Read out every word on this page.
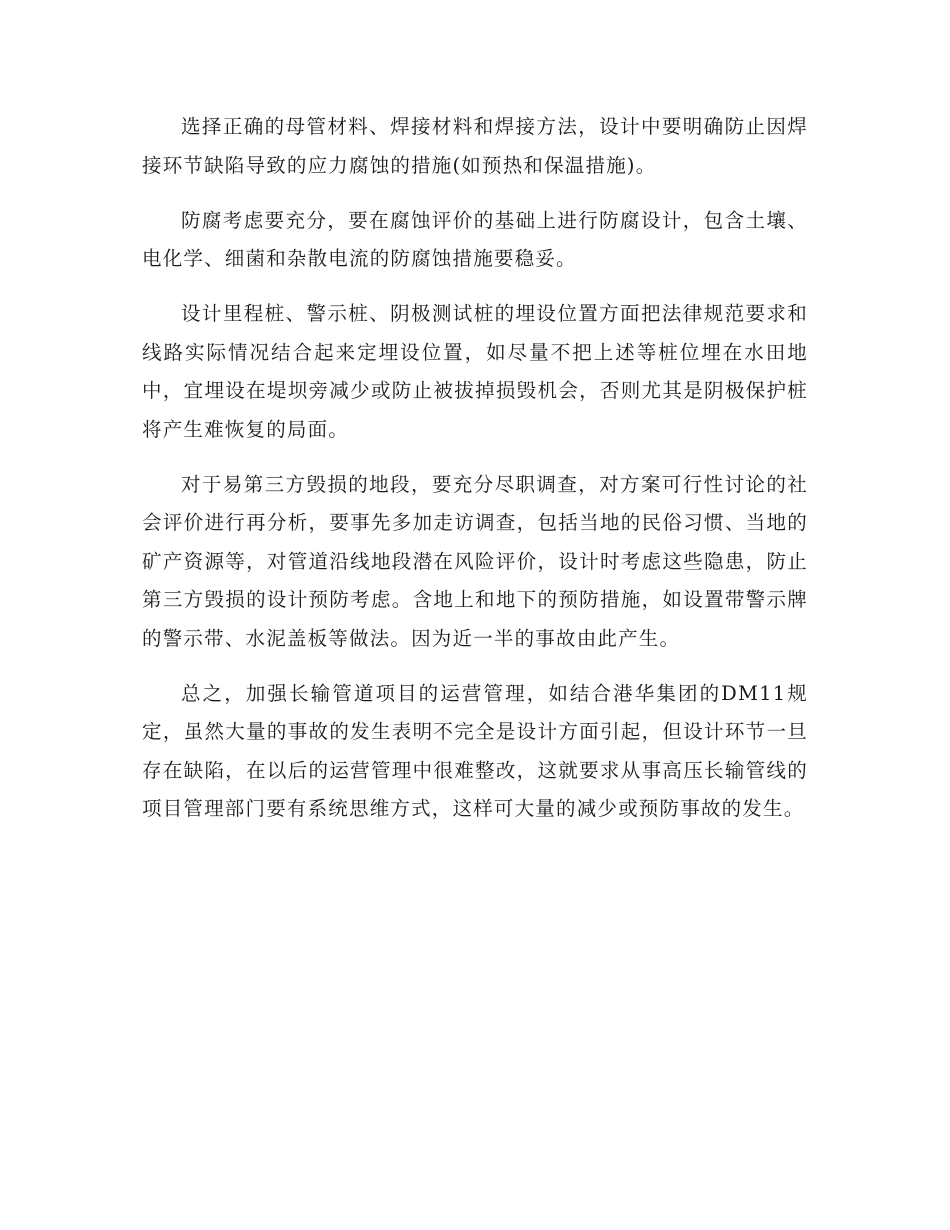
选择正确的母管材料、焊接材料和焊接方法，设计中要明确防止因焊接环节缺陷导致的应力腐蚀的措施(如预热和保温措施)。

防腐考虑要充分，要在腐蚀评价的基础上进行防腐设计，包含土壤、电化学、细菌和杂散电流的防腐蚀措施要稳妥。

设计里程桩、警示桩、阴极测试桩的埋设位置方面把法律规范要求和线路实际情况结合起来定埋设位置，如尽量不把上述等桩位埋在水田地中，宜埋设在堤坝旁减少或防止被拔掉损毁机会，否则尤其是阴极保护桩将产生难恢复的局面。

对于易第三方毁损的地段，要充分尽职调查，对方案可行性讨论的社会评价进行再分析，要事先多加走访调查，包括当地的民俗习惯、当地的矿产资源等，对管道沿线地段潜在风险评价，设计时考虑这些隐患，防止第三方毁损的设计预防考虑。含地上和地下的预防措施，如设置带警示牌的警示带、水泥盖板等做法。因为近一半的事故由此产生。

总之，加强长输管道项目的运营管理，如结合港华集团的DM11规定，虽然大量的事故的发生表明不完全是设计方面引起，但设计环节一旦存在缺陷，在以后的运营管理中很难整改，这就要求从事高压长输管线的项目管理部门要有系统思维方式，这样可大量的减少或预防事故的发生。
